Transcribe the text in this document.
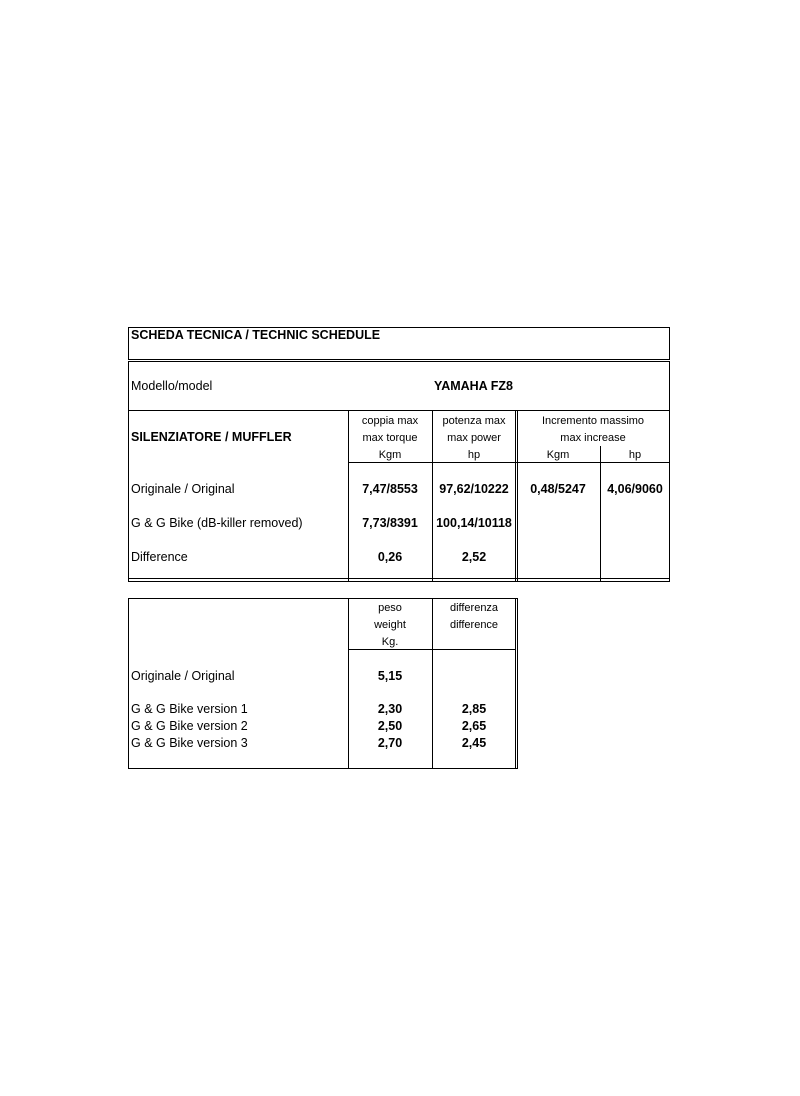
SCHEDA TECNICA / TECHNIC SCHEDULE
Modello/model	YAMAHA FZ8
SILENZIATORE / MUFFLER
coppia max
max torque
Kgm
potenza max
max power
hp
Incremento massimo
max increase
Kgm	hp
Originale / Original	7,47/8553 97,62/10222 0,48/5247 4,06/9060
G & G Bike (dB-killer removed)	7,73/8391 100,14/10118
Difference	0,26	2,52
peso
weight
Kg.
differenza
difference
Originale / Original	5,15
G & G Bike version 1	2,30	2,85
G & G Bike version 2	2,50	2,65
G & G Bike version 3	2,70	2,45
